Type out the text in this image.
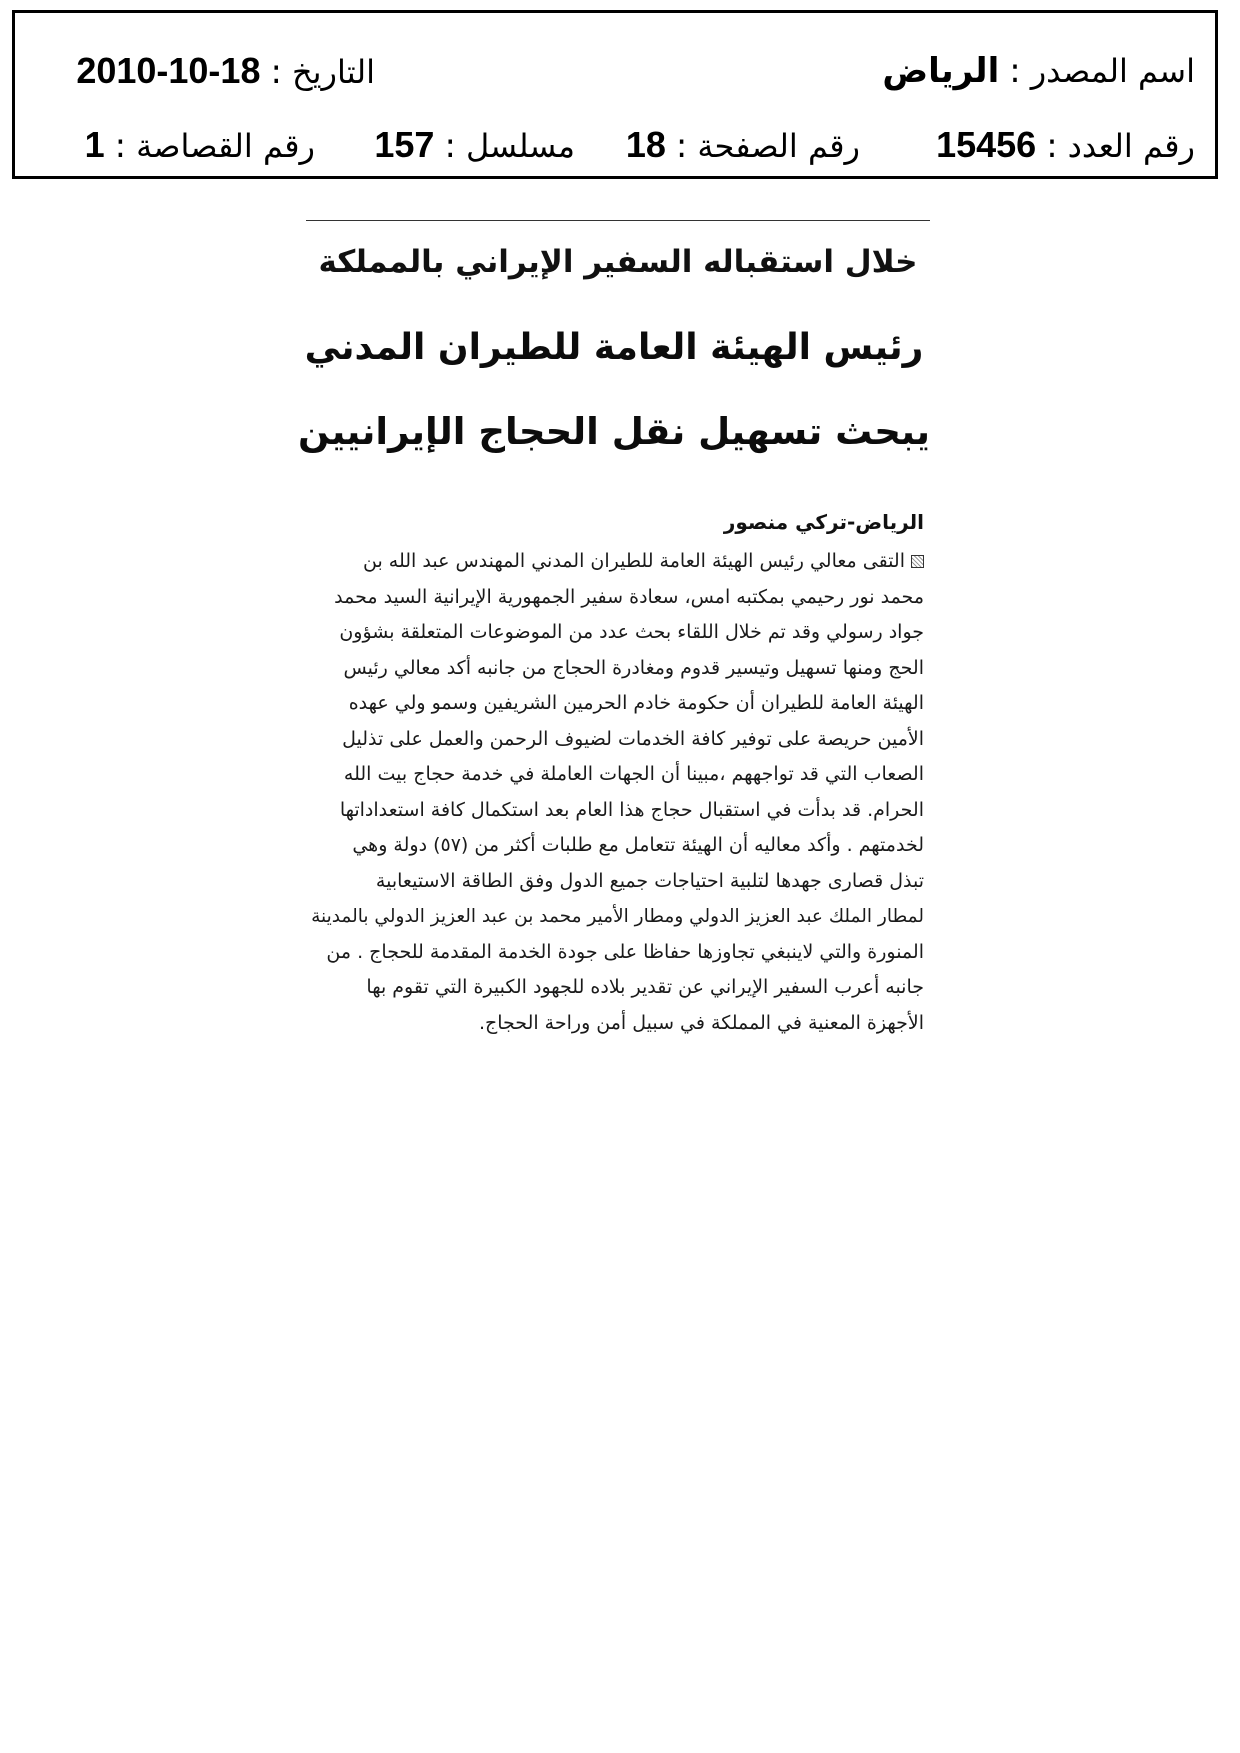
اسم المصدر:الرياض
التاريخ:2010-10-18
رقم العدد:15456
رقم الصفحة:18
مسلسل:157
رقم القصاصة:1
خلال استقباله السفير الإيراني بالمملكة
رئيس الهيئة العامة للطيران المدني
يبحث تسهيل نقل الحجاج الإيرانيين
الرياض-تركي منصور
التقى معالي رئيس الهيئة العامة للطيران المدني المهندس عبد الله بن
محمد نور رحيمي بمكتبه امس، سعادة سفير الجمهورية الإيرانية السيد محمد
جواد رسولي وقد تم خلال اللقاء بحث عدد من الموضوعات المتعلقة بشؤون
الحج ومنها تسهيل وتيسير قدوم ومغادرة الحجاج من جانبه أكد معالي رئيس
الهيئة العامة للطيران أن حكومة خادم الحرمين الشريفين وسمو ولي عهده
الأمين حريصة على توفير كافة الخدمات لضيوف الرحمن والعمل على تذليل
الصعاب التي قد تواجههم ،مبينا أن الجهات العاملة في خدمة حجاج بيت الله
الحرام. قد بدأت في استقبال حجاج هذا العام بعد استكمال كافة استعداداتها
لخدمتهم . وأكد معاليه أن الهيئة تتعامل مع طلبات أكثر من (٥٧) دولة وهي
تبذل قصارى جهدها لتلبية احتياجات جميع الدول وفق الطاقة الاستيعابية
لمطار الملك عبد العزيز الدولي ومطار الأمير محمد بن عبد العزيز الدولي بالمدينة
المنورة والتي لاينبغي تجاوزها حفاظا على جودة الخدمة المقدمة للحجاج . من
جانبه أعرب السفير الإيراني عن تقدير بلاده للجهود الكبيرة التي تقوم بها
الأجهزة المعنية في المملكة في سبيل أمن وراحة الحجاج.
